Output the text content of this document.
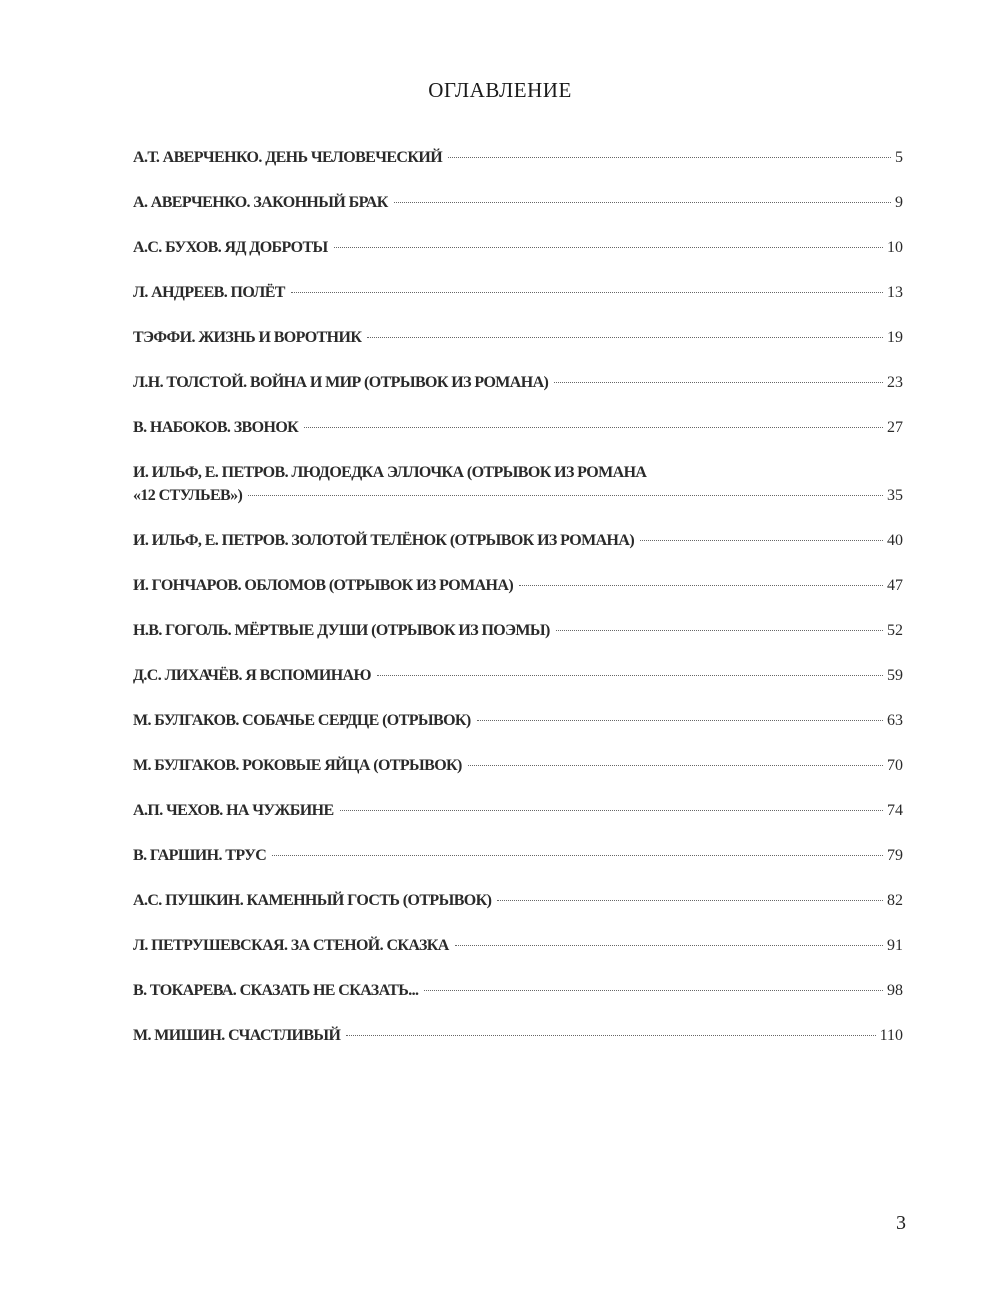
ОГЛАВЛЕНИЕ
А.Т. АВЕРЧЕНКО. ДЕНЬ ЧЕЛОВЕЧЕСКИЙ	5
А. АВЕРЧЕНКО. ЗАКОННЫЙ БРАК	9
А.С. БУХОВ. ЯД ДОБРОТЫ	10
Л. АНДРЕЕВ. ПОЛЁТ	13
ТЭФФИ. ЖИЗНЬ И ВОРОТНИК	19
Л.Н. ТОЛСТОЙ. ВОЙНА И МИР (ОТРЫВОК ИЗ РОМАНА)	23
В. НАБОКОВ. ЗВОНОК	27
И. ИЛЬФ, Е. ПЕТРОВ. ЛЮДОЕДКА ЭЛЛОЧКА (ОТРЫВОК ИЗ РОМАНА
«12 СТУЛЬЕВ»)	35
И. ИЛЬФ, Е. ПЕТРОВ. ЗОЛОТОЙ ТЕЛЁНОК (ОТРЫВОК ИЗ РОМАНА)	40
И. ГОНЧАРОВ. ОБЛОМОВ (ОТРЫВОК ИЗ РОМАНА)	47
Н.В. ГОГОЛЬ. МЁРТВЫЕ ДУШИ (ОТРЫВОК ИЗ ПОЭМЫ)	52
Д.С. ЛИХАЧЁВ. Я ВСПОМИНАЮ	59
М. БУЛГАКОВ. СОБАЧЬЕ СЕРДЦЕ (ОТРЫВОК)	63
М. БУЛГАКОВ. РОКОВЫЕ ЯЙЦА (ОТРЫВОК)	70
А.П. ЧЕХОВ. НА ЧУЖБИНЕ	74
В. ГАРШИН. ТРУС	79
А.С. ПУШКИН. КАМЕННЫЙ ГОСТЬ (ОТРЫВОК)	82
Л. ПЕТРУШЕВСКАЯ. ЗА СТЕНОЙ. СКАЗКА	91
В. ТОКАРЕВА. СКАЗАТЬ НЕ СКАЗАТЬ...	98
М. МИШИН. СЧАСТЛИВЫЙ	110
3
